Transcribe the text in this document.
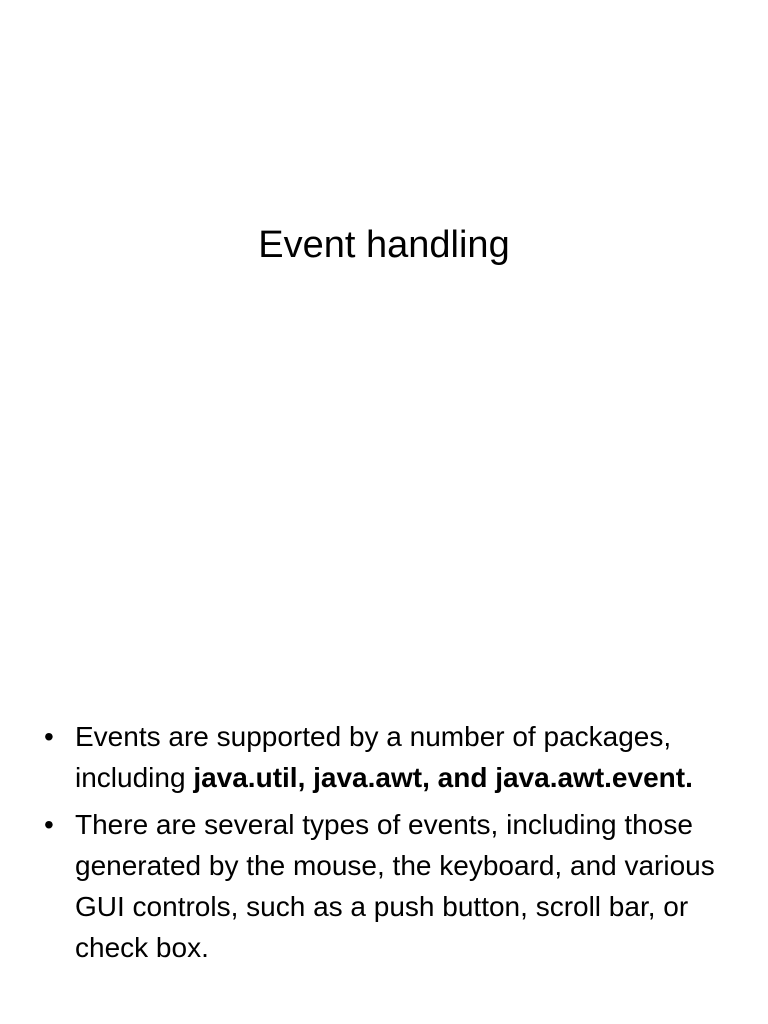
Event handling
• Events are supported by a number of packages, including java.util, java.awt, and java.awt.event.
• There are several types of events, including those generated by the mouse, the keyboard, and various GUI controls, such as a push button, scroll bar, or check box.
